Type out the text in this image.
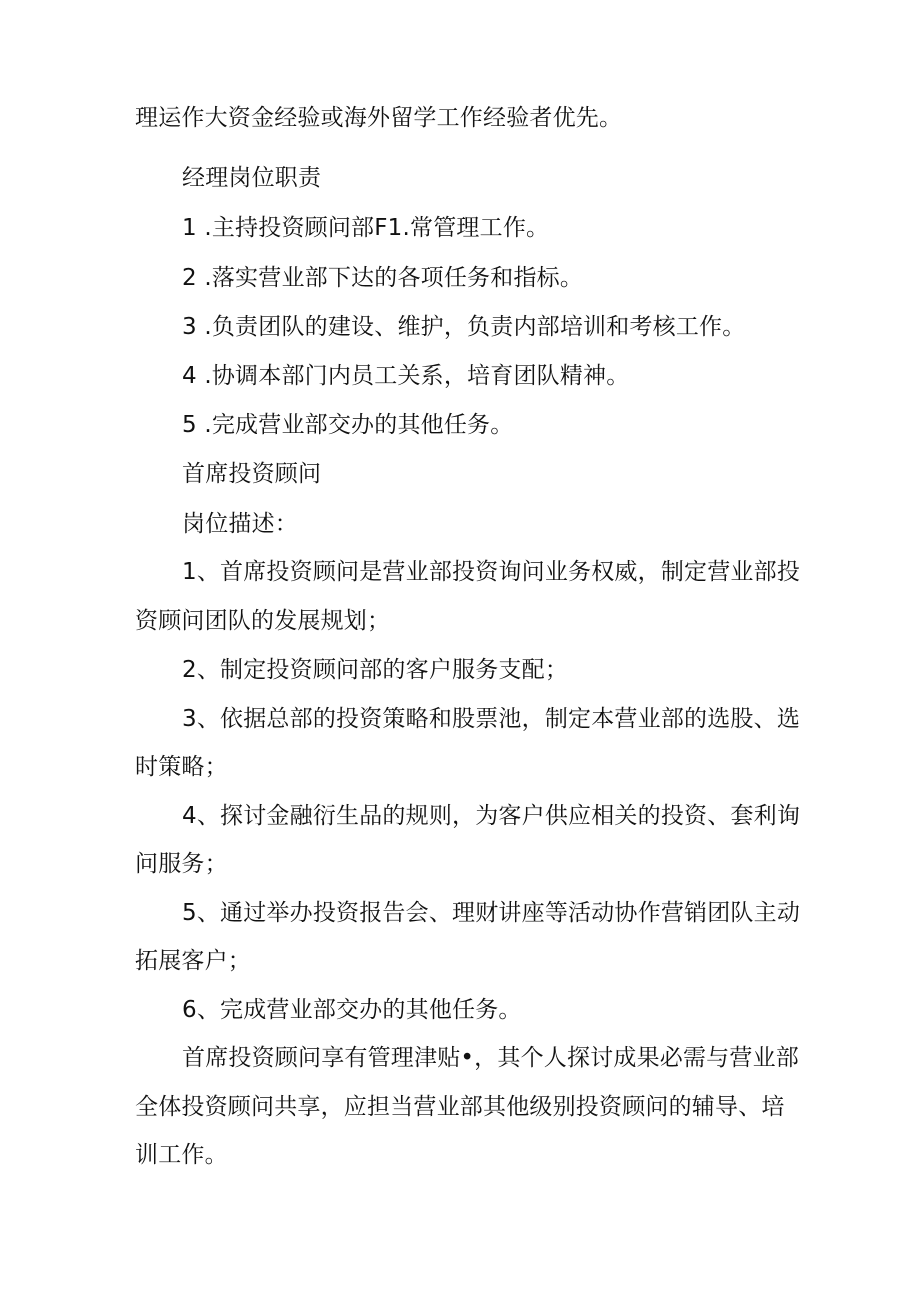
理运作大资金经验或海外留学工作经验者优先。
经理岗位职责
1 .主持投资顾问部F1.常管理工作。
2 .落实营业部下达的各项任务和指标。
3 .负责团队的建设、维护，负责内部培训和考核工作。
4 .协调本部门内员工关系，培育团队精神。
5 .完成营业部交办的其他任务。
首席投资顾问
岗位描述：
1、首席投资顾问是营业部投资询问业务权威，制定营业部投
资顾问团队的发展规划；
2、制定投资顾问部的客户服务支配；
3、依据总部的投资策略和股票池，制定本营业部的选股、选
时策略；
4、探讨金融衍生品的规则，为客户供应相关的投资、套利询
问服务；
5、通过举办投资报告会、理财讲座等活动协作营销团队主动
拓展客户；
6、完成营业部交办的其他任务。
首席投资顾问享有管理津贴•，其个人探讨成果必需与营业部
全体投资顾问共享，应担当营业部其他级别投资顾问的辅导、培
训工作。
